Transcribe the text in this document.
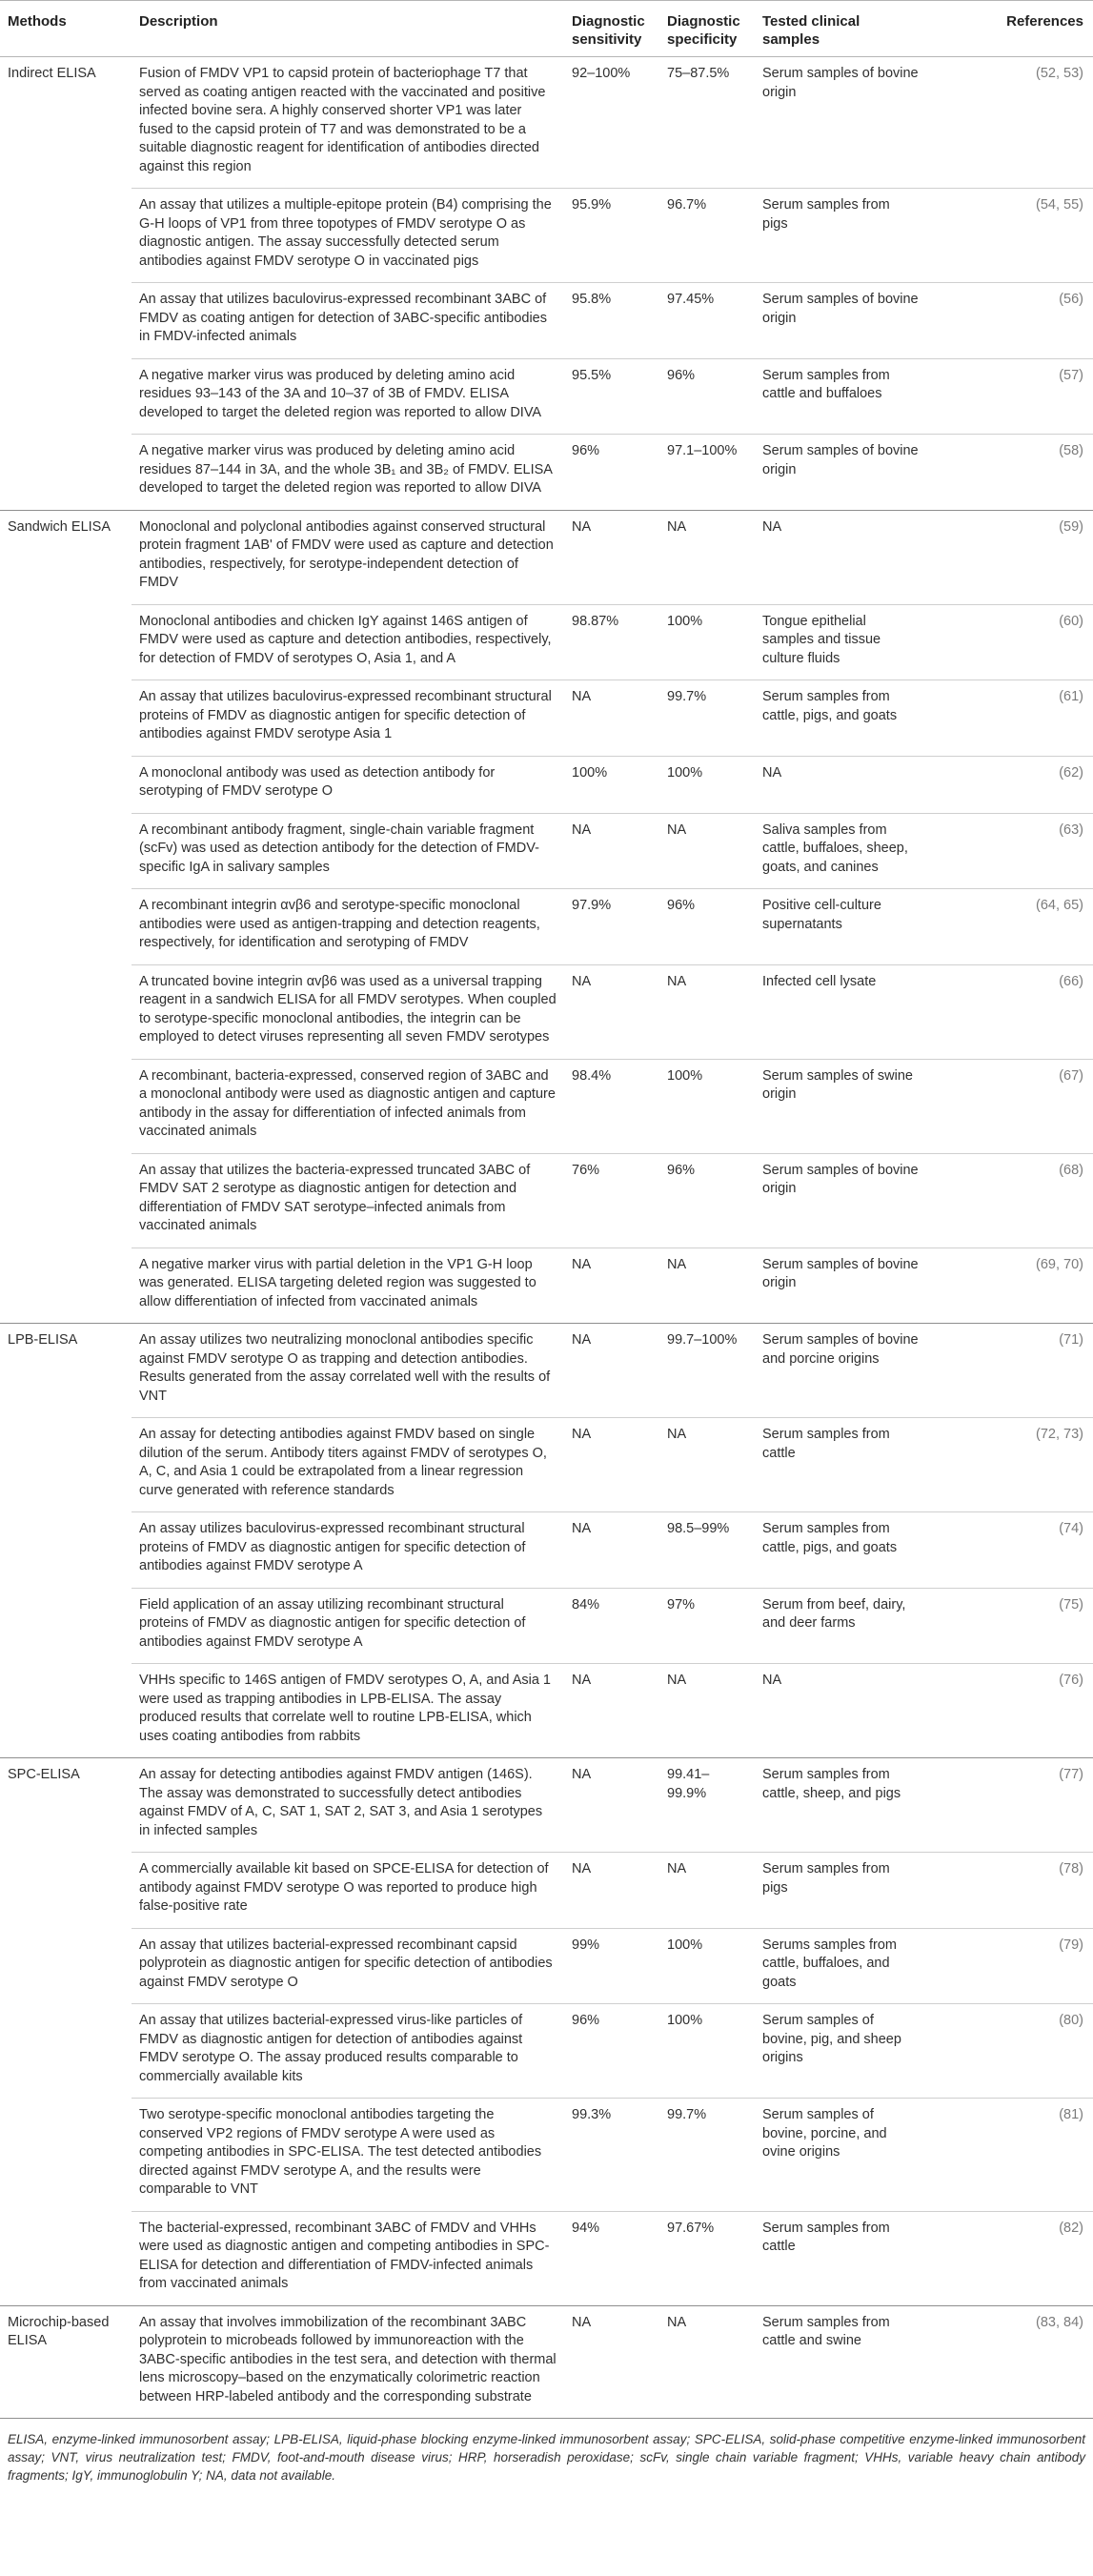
Methods	Description	Diagnostic sensitivity	Diagnostic specificity	Tested clinical samples	References
Indirect ELISA	Fusion of FMDV VP1 to capsid protein of bacteriophage T7 that served as coating antigen reacted with the vaccinated and positive infected bovine sera. A highly conserved shorter VP1 was later fused to the capsid protein of T7 and was demonstrated to be a suitable diagnostic reagent for identification of antibodies directed against this region	92–100%	75–87.5%	Serum samples of bovine origin	(52, 53)
	An assay that utilizes a multiple-epitope protein (B4) comprising the G-H loops of VP1 from three topotypes of FMDV serotype O as diagnostic antigen. The assay successfully detected serum antibodies against FMDV serotype O in vaccinated pigs	95.9%	96.7%	Serum samples from pigs	(54, 55)
	An assay that utilizes baculovirus-expressed recombinant 3ABC of FMDV as coating antigen for detection of 3ABC-specific antibodies in FMDV-infected animals	95.8%	97.45%	Serum samples of bovine origin	(56)
	A negative marker virus was produced by deleting amino acid residues 93–143 of the 3A and 10–37 of 3B of FMDV. ELISA developed to target the deleted region was reported to allow DIVA	95.5%	96%	Serum samples from cattle and buffaloes	(57)
	A negative marker virus was produced by deleting amino acid residues 87–144 in 3A, and the whole 3B₁ and 3B₂ of FMDV. ELISA developed to target the deleted region was reported to allow DIVA	96%	97.1–100%	Serum samples of bovine origin	(58)
Sandwich ELISA	Monoclonal and polyclonal antibodies against conserved structural protein fragment 1AB' of FMDV were used as capture and detection antibodies, respectively, for serotype-independent detection of FMDV	NA	NA	NA	(59)
	Monoclonal antibodies and chicken IgY against 146S antigen of FMDV were used as capture and detection antibodies, respectively, for detection of FMDV of serotypes O, Asia 1, and A	98.87%	100%	Tongue epithelial samples and tissue culture fluids	(60)
	An assay that utilizes baculovirus-expressed recombinant structural proteins of FMDV as diagnostic antigen for specific detection of antibodies against FMDV serotype Asia 1	NA	99.7%	Serum samples from cattle, pigs, and goats	(61)
	A monoclonal antibody was used as detection antibody for serotyping of FMDV serotype O	100%	100%	NA	(62)
	A recombinant antibody fragment, single-chain variable fragment (scFv) was used as detection antibody for the detection of FMDV-specific IgA in salivary samples	NA	NA	Saliva samples from cattle, buffaloes, sheep, goats, and canines	(63)
	A recombinant integrin αvβ6 and serotype-specific monoclonal antibodies were used as antigen-trapping and detection reagents, respectively, for identification and serotyping of FMDV	97.9%	96%	Positive cell-culture supernatants	(64, 65)
	A truncated bovine integrin αvβ6 was used as a universal trapping reagent in a sandwich ELISA for all FMDV serotypes. When coupled to serotype-specific monoclonal antibodies, the integrin can be employed to detect viruses representing all seven FMDV serotypes	NA	NA	Infected cell lysate	(66)
	A recombinant, bacteria-expressed, conserved region of 3ABC and a monoclonal antibody were used as diagnostic antigen and capture antibody in the assay for differentiation of infected animals from vaccinated animals	98.4%	100%	Serum samples of swine origin	(67)
	An assay that utilizes the bacteria-expressed truncated 3ABC of FMDV SAT 2 serotype as diagnostic antigen for detection and differentiation of FMDV SAT serotype–infected animals from vaccinated animals	76%	96%	Serum samples of bovine origin	(68)
	A negative marker virus with partial deletion in the VP1 G-H loop was generated. ELISA targeting deleted region was suggested to allow differentiation of infected from vaccinated animals	NA	NA	Serum samples of bovine origin	(69, 70)
LPB-ELISA	An assay utilizes two neutralizing monoclonal antibodies specific against FMDV serotype O as trapping and detection antibodies. Results generated from the assay correlated well with the results of VNT	NA	99.7–100%	Serum samples of bovine and porcine origins	(71)
	An assay for detecting antibodies against FMDV based on single dilution of the serum. Antibody titers against FMDV of serotypes O, A, C, and Asia 1 could be extrapolated from a linear regression curve generated with reference standards	NA	NA	Serum samples from cattle	(72, 73)
	An assay utilizes baculovirus-expressed recombinant structural proteins of FMDV as diagnostic antigen for specific detection of antibodies against FMDV serotype A	NA	98.5–99%	Serum samples from cattle, pigs, and goats	(74)
	Field application of an assay utilizing recombinant structural proteins of FMDV as diagnostic antigen for specific detection of antibodies against FMDV serotype A	84%	97%	Serum from beef, dairy, and deer farms	(75)
	VHHs specific to 146S antigen of FMDV serotypes O, A, and Asia 1 were used as trapping antibodies in LPB-ELISA. The assay produced results that correlate well to routine LPB-ELISA, which uses coating antibodies from rabbits	NA	NA	NA	(76)
SPC-ELISA	An assay for detecting antibodies against FMDV antigen (146S). The assay was demonstrated to successfully detect antibodies against FMDV of A, C, SAT 1, SAT 2, SAT 3, and Asia 1 serotypes in infected samples	NA	99.41–99.9%	Serum samples from cattle, sheep, and pigs	(77)
	A commercially available kit based on SPCE-ELISA for detection of antibody against FMDV serotype O was reported to produce high false-positive rate	NA	NA	Serum samples from pigs	(78)
	An assay that utilizes bacterial-expressed recombinant capsid polyprotein as diagnostic antigen for specific detection of antibodies against FMDV serotype O	99%	100%	Serums samples from cattle, buffaloes, and goats	(79)
	An assay that utilizes bacterial-expressed virus-like particles of FMDV as diagnostic antigen for detection of antibodies against FMDV serotype O. The assay produced results comparable to commercially available kits	96%	100%	Serum samples of bovine, pig, and sheep origins	(80)
	Two serotype-specific monoclonal antibodies targeting the conserved VP2 regions of FMDV serotype A were used as competing antibodies in SPC-ELISA. The test detected antibodies directed against FMDV serotype A, and the results were comparable to VNT	99.3%	99.7%	Serum samples of bovine, porcine, and ovine origins	(81)
	The bacterial-expressed, recombinant 3ABC of FMDV and VHHs were used as diagnostic antigen and competing antibodies in SPC-ELISA for detection and differentiation of FMDV-infected animals from vaccinated animals	94%	97.67%	Serum samples from cattle	(82)
Microchip-based ELISA	An assay that involves immobilization of the recombinant 3ABC polyprotein to microbeads followed by immunoreaction with the 3ABC-specific antibodies in the test sera, and detection with thermal lens microscopy–based on the enzymatically colorimetric reaction between HRP-labeled antibody and the corresponding substrate	NA	NA	Serum samples from cattle and swine	(83, 84)
ELISA, enzyme-linked immunosorbent assay; LPB-ELISA, liquid-phase blocking enzyme-linked immunosorbent assay; SPC-ELISA, solid-phase competitive enzyme-linked immunosorbent assay; VNT, virus neutralization test; FMDV, foot-and-mouth disease virus; HRP, horseradish peroxidase; scFv, single chain variable fragment; VHHs, variable heavy chain antibody fragments; IgY, immunoglobulin Y; NA, data not available.
